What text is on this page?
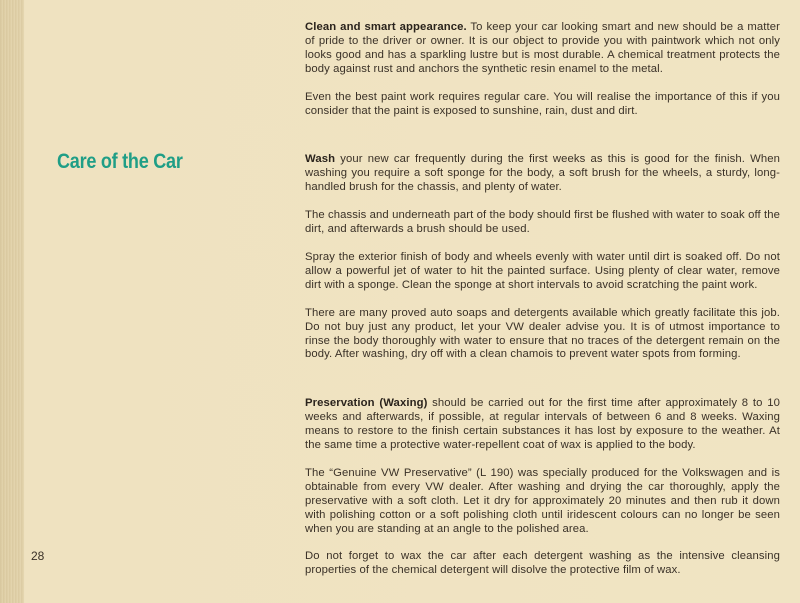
Care of the Car
28

Clean and smart appearance. To keep your car looking smart and new should be a matter of pride to the driver or owner. It is our object to provide you with paintwork which not only looks good and has a sparkling lustre but is most durable. A chemical treatment protects the body against rust and anchors the synthetic resin enamel to the metal.

Even the best paint work requires regular care. You will realise the importance of this if you consider that the paint is exposed to sunshine, rain, dust and dirt.

Wash your new car frequently during the first weeks as this is good for the finish. When washing you require a soft sponge for the body, a soft brush for the wheels, a sturdy, long-handled brush for the chassis, and plenty of water.

The chassis and underneath part of the body should first be flushed with water to soak off the dirt, and afterwards a brush should be used.

Spray the exterior finish of body and wheels evenly with water until dirt is soaked off. Do not allow a powerful jet of water to hit the painted surface. Using plenty of clear water, remove dirt with a sponge. Clean the sponge at short intervals to avoid scratching the paint work.

There are many proved auto soaps and detergents available which greatly facilitate this job. Do not buy just any product, let your VW dealer advise you. It is of utmost importance to rinse the body thoroughly with water to ensure that no traces of the detergent remain on the body. After washing, dry off with a clean chamois to prevent water spots from forming.

Preservation (Waxing) should be carried out for the first time after approximately 8 to 10 weeks and afterwards, if possible, at regular intervals of between 6 and 8 weeks. Waxing means to restore to the finish certain substances it has lost by exposure to the weather. At the same time a protective water-repellent coat of wax is applied to the body.

The “Genuine VW Preservative” (L 190) was specially produced for the Volkswagen and is obtainable from every VW dealer. After washing and drying the car thoroughly, apply the preservative with a soft cloth. Let it dry for approximately 20 minutes and then rub it down with polishing cotton or a soft polishing cloth until iridescent colours can no longer be seen when you are standing at an angle to the polished area.

Do not forget to wax the car after each detergent washing as the intensive cleansing properties of the chemical detergent will disolve the protective film of wax.
